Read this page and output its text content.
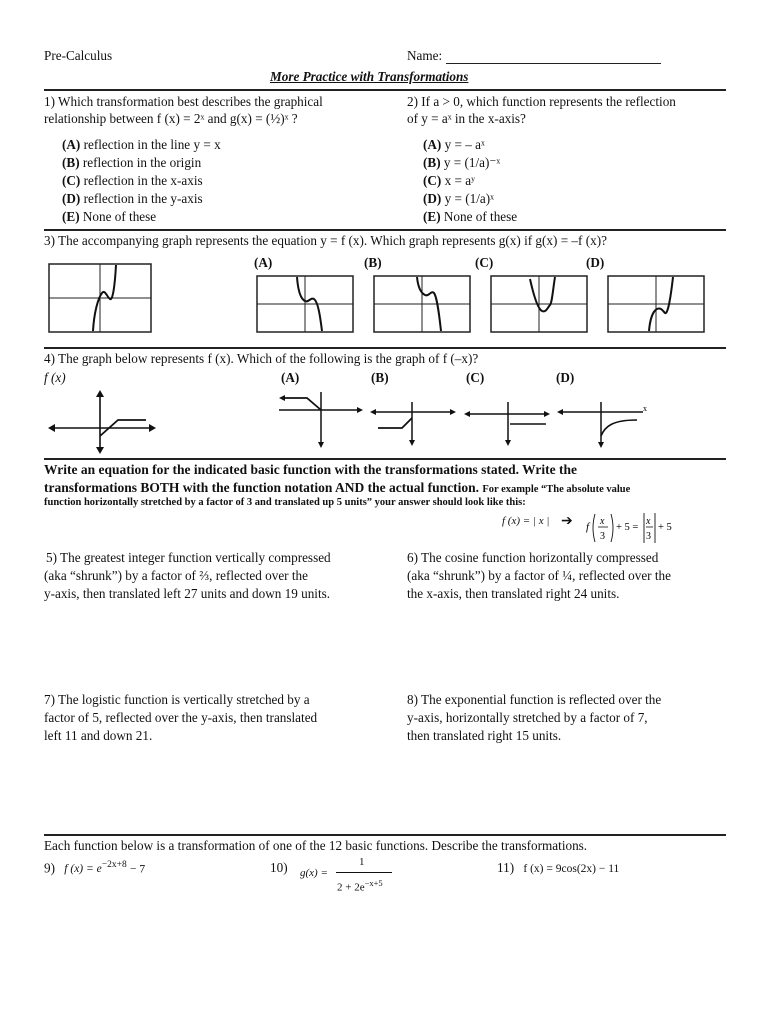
Pre-Calculus	Name:
More Practice with Transformations
1) Which transformation best describes the graphical
relationship between f (x) = 2ˣ and g(x) = (½)ˣ ?
(A) reflection in the line y = x
(B) reflection in the origin
(C) reflection in the x-axis
(D) reflection in the y-axis
(E) None of these
2) If a > 0, which function represents the reflection
of y = aˣ in the x-axis?
(A) y = – aˣ
(B) y = (1/a)⁻ˣ
(C) x = aʸ
(D) y = (1/a)ˣ
(E) None of these
3) The accompanying graph represents the equation y = f (x). Which graph represents g(x) if g(x) = –f (x)?
(A)	(B)	(C)	(D)
4) The graph below represents f (x). Which of the following is the graph of f (–x)?
f (x)	(A)	(B)	(C)	(D)
x
Write an equation for the indicated basic function with the transformations stated. Write the
transformations BOTH with the function notation AND the actual function. For example “The absolute value
function horizontally stretched by a factor of 3 and translated up 5 units” your answer should look like this:
f (x) = | x | ➔ f x
3
+ 5 =
x
3
+ 5
5) The greatest integer function vertically compressed
(aka “shrunk”) by a factor of ⅔, reflected over the
y-axis, then translated left 27 units and down 19 units.
6) The cosine function horizontally compressed
(aka “shrunk”) by a factor of ¼, reflected over the
the x-axis, then translated right 24 units.
7) The logistic function is vertically stretched by a
factor of 5, reflected over the y-axis, then translated
left 11 and down 21.
8) The exponential function is reflected over the
y-axis, horizontally stretched by a factor of 7,
then translated right 15 units.
Each function below is a transformation of one of the 12 basic functions. Describe the transformations.
9) f $(x) = e^{-2x+8} - 7$	10) g(x) =
1
$2 + 2e^{-x+5}$
11) f (x) = 9cos(2x) − 11
